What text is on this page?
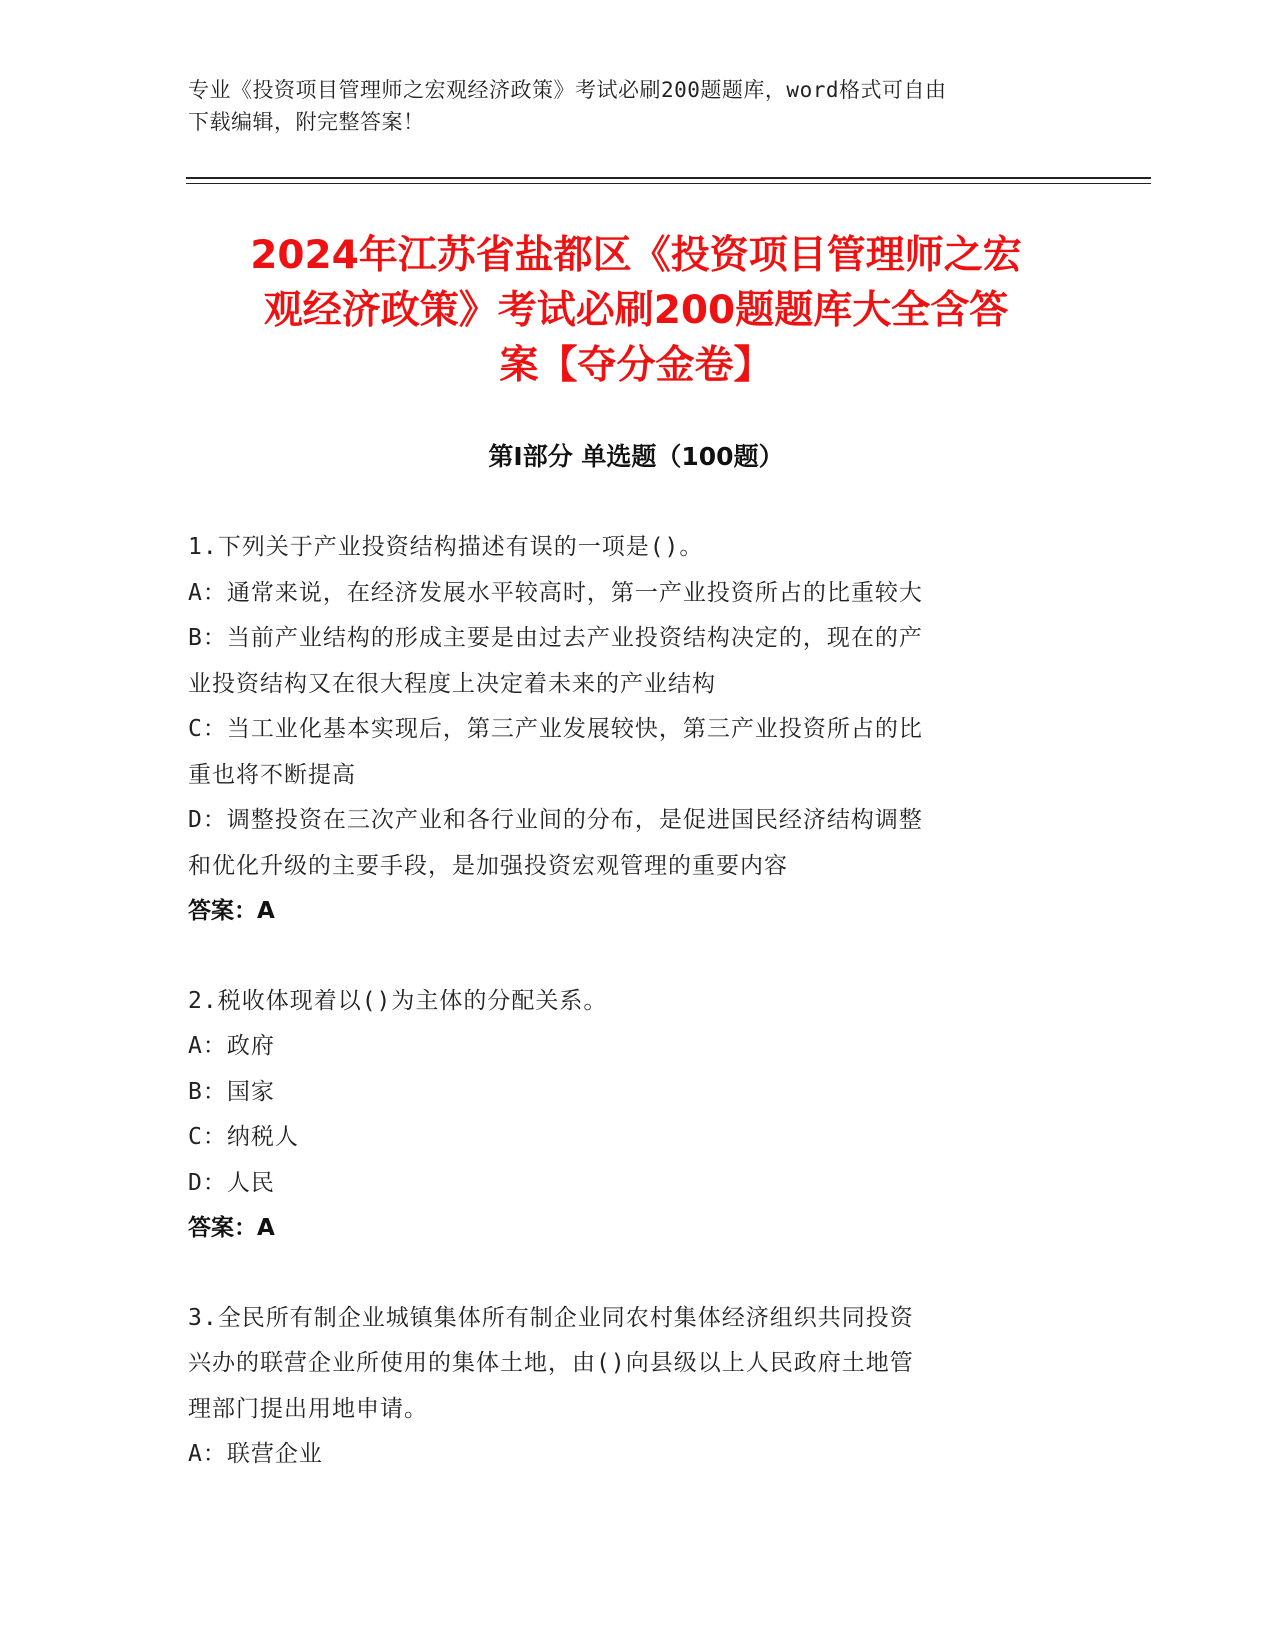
专业《投资项目管理师之宏观经济政策》考试必刷200题题库，word格式可自由
下载编辑，附完整答案！
2024年江苏省盐都区《投资项目管理师之宏
观经济政策》考试必刷200题题库大全含答
案【夺分金卷】
第Ⅰ部分 单选题（100题）

1.下列关于产业投资结构描述有误的一项是()。

A：通常来说，在经济发展水平较高时，第一产业投资所占的比重较大

B：当前产业结构的形成主要是由过去产业投资结构决定的，现在的产

业投资结构又在很大程度上决定着未来的产业结构

C：当工业化基本实现后，第三产业发展较快，第三产业投资所占的比

重也将不断提高

D：调整投资在三次产业和各行业间的分布，是促进国民经济结构调整

和优化升级的主要手段，是加强投资宏观管理的重要内容

答案：A

2.税收体现着以()为主体的分配关系。

A：政府

B：国家

C：纳税人

D：人民

答案：A

3.全民所有制企业城镇集体所有制企业同农村集体经济组织共同投资

兴办的联营企业所使用的集体土地，由()向县级以上人民政府土地管

理部门提出用地申请。

A：联营企业
